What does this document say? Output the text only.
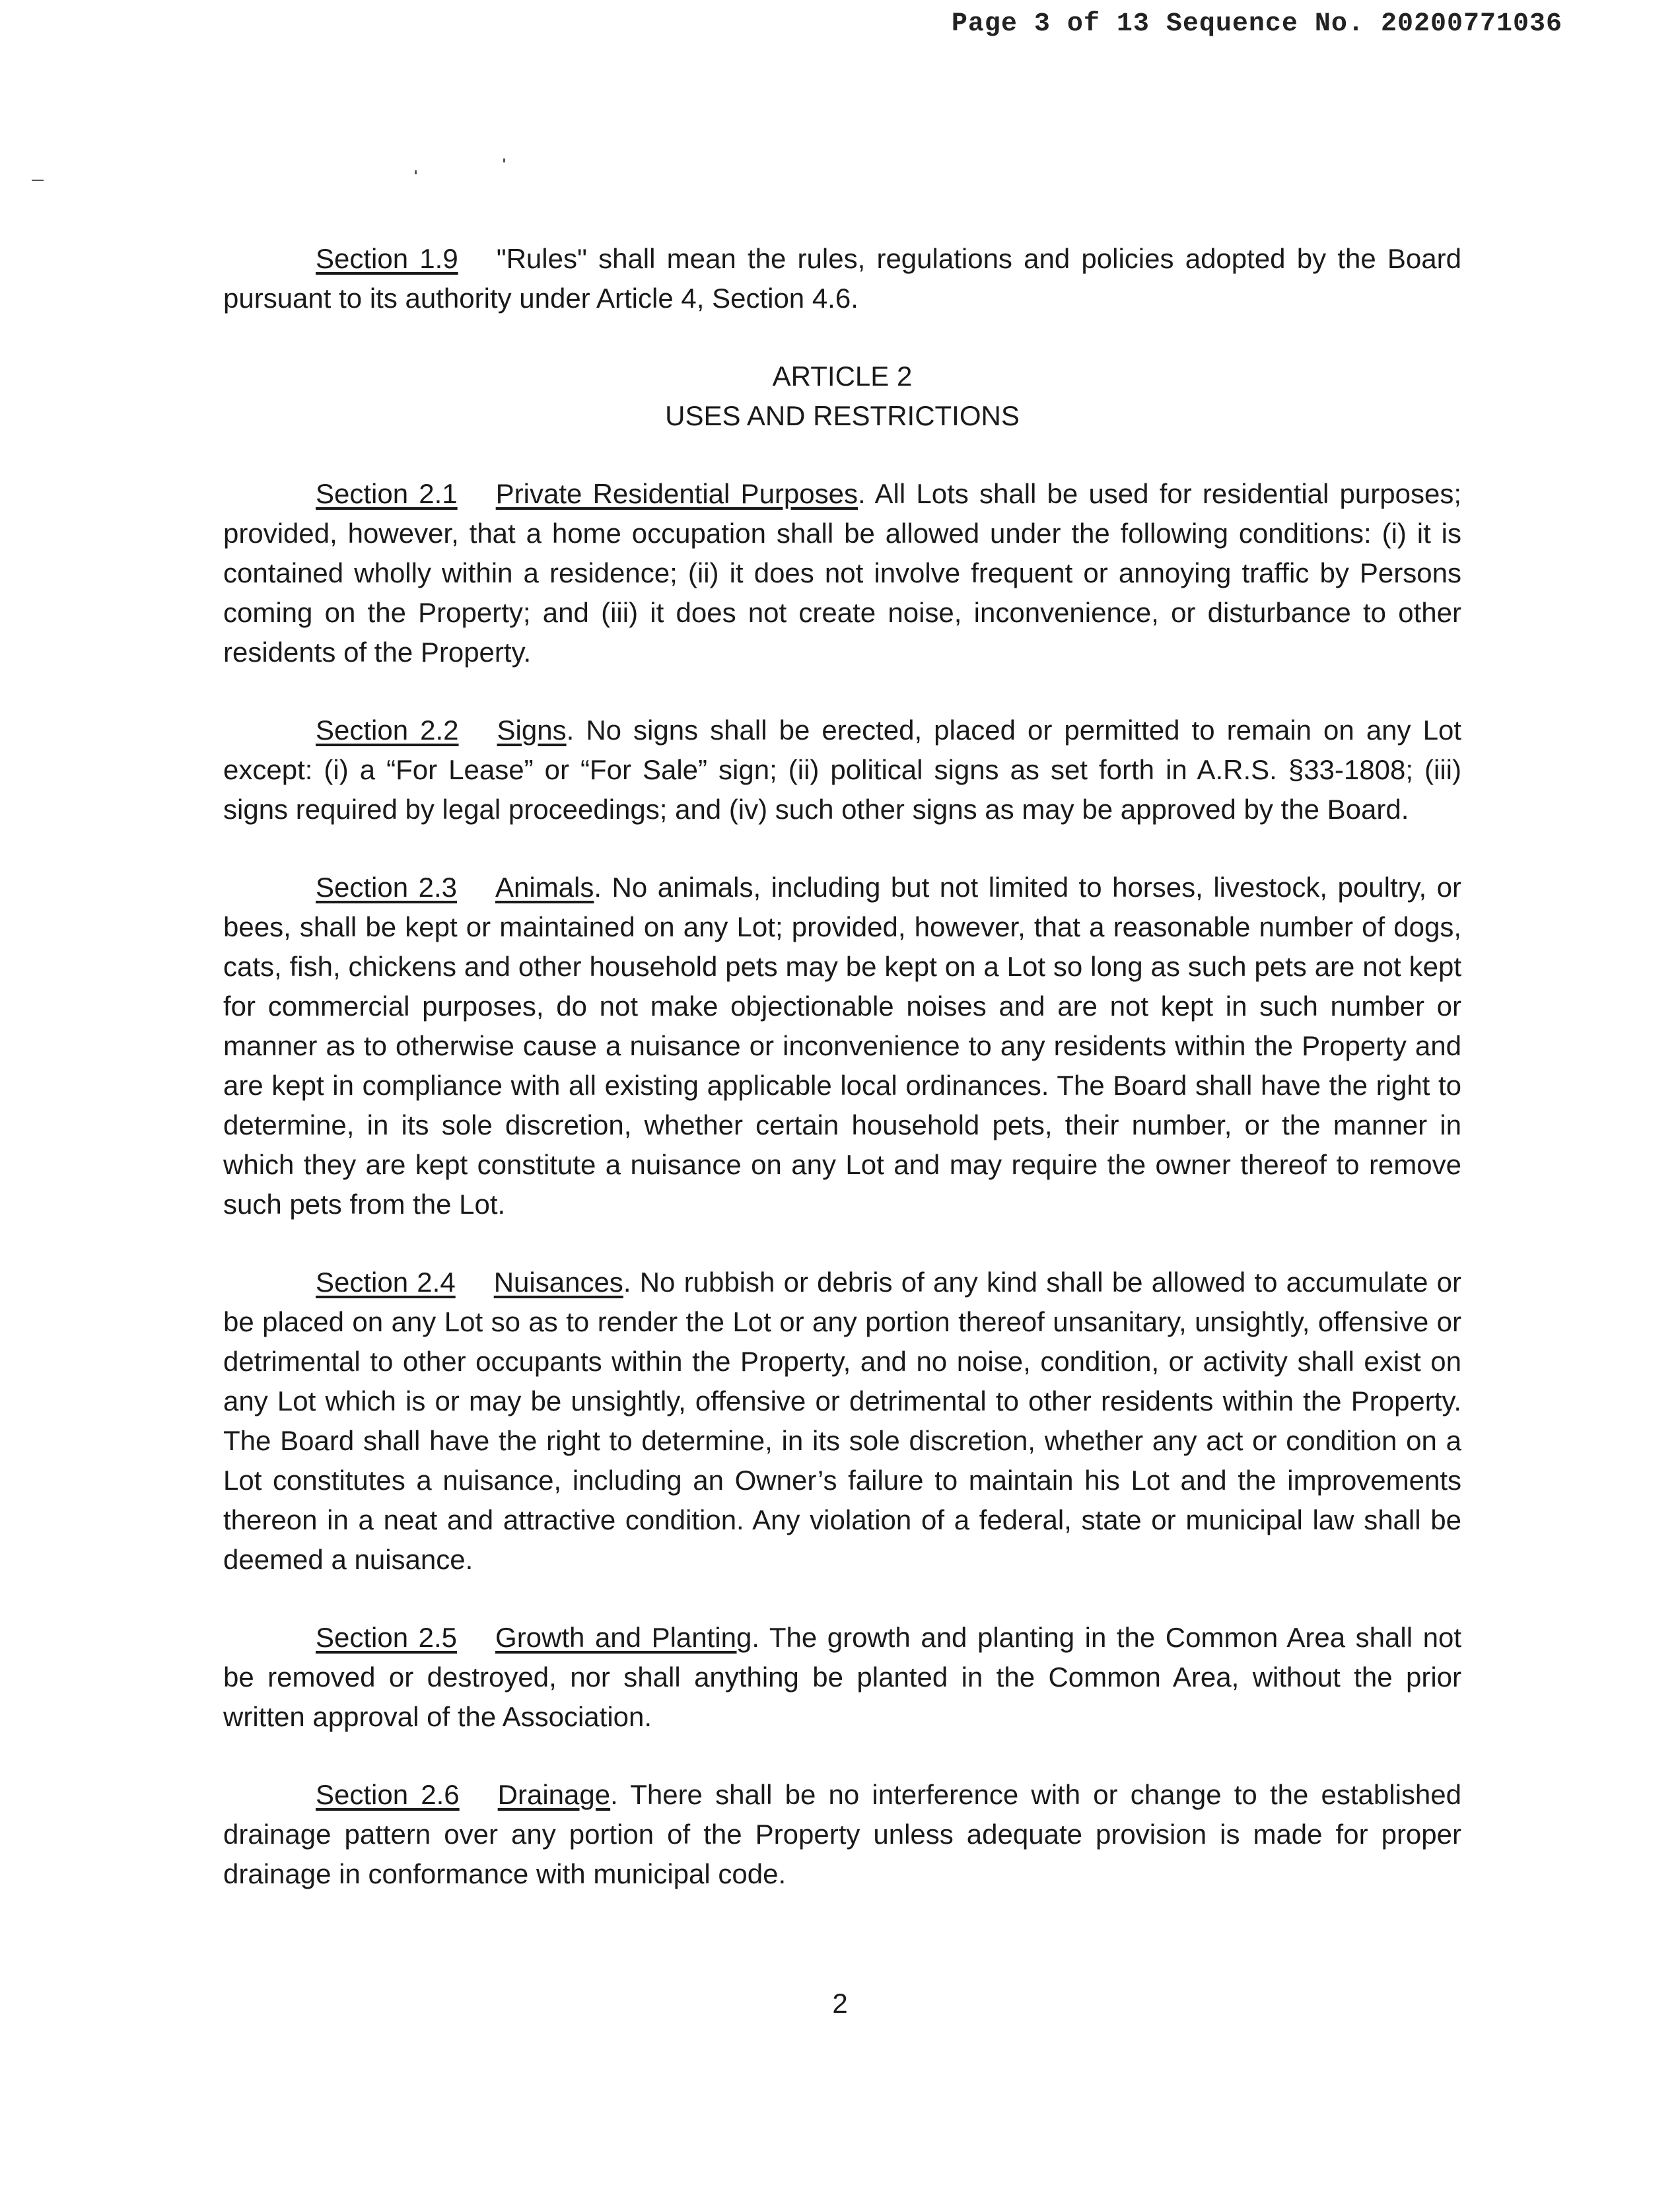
Page 3 of 13 Sequence No. 20200771036

Section 1.9 "Rules" shall mean the rules, regulations and policies adopted by the Board pursuant to its authority under Article 4, Section 4.6.

ARTICLE 2
USES AND RESTRICTIONS

Section 2.1 Private Residential Purposes. All Lots shall be used for residential purposes; provided, however, that a home occupation shall be allowed under the following conditions: (i) it is contained wholly within a residence; (ii) it does not involve frequent or annoying traffic by Persons coming on the Property; and (iii) it does not create noise, inconvenience, or disturbance to other residents of the Property.

Section 2.2 Signs. No signs shall be erected, placed or permitted to remain on any Lot except: (i) a “For Lease” or “For Sale” sign; (ii) political signs as set forth in A.R.S. §33-1808; (iii) signs required by legal proceedings; and (iv) such other signs as may be approved by the Board.

Section 2.3 Animals. No animals, including but not limited to horses, livestock, poultry, or bees, shall be kept or maintained on any Lot; provided, however, that a reasonable number of dogs, cats, fish, chickens and other household pets may be kept on a Lot so long as such pets are not kept for commercial purposes, do not make objectionable noises and are not kept in such number or manner as to otherwise cause a nuisance or inconvenience to any residents within the Property and are kept in compliance with all existing applicable local ordinances. The Board shall have the right to determine, in its sole discretion, whether certain household pets, their number, or the manner in which they are kept constitute a nuisance on any Lot and may require the owner thereof to remove such pets from the Lot.

Section 2.4 Nuisances. No rubbish or debris of any kind shall be allowed to accumulate or be placed on any Lot so as to render the Lot or any portion thereof unsanitary, unsightly, offensive or detrimental to other occupants within the Property, and no noise, condition, or activity shall exist on any Lot which is or may be unsightly, offensive or detrimental to other residents within the Property. The Board shall have the right to determine, in its sole discretion, whether any act or condition on a Lot constitutes a nuisance, including an Owner’s failure to maintain his Lot and the improvements thereon in a neat and attractive condition. Any violation of a federal, state or municipal law shall be deemed a nuisance.

Section 2.5 Growth and Planting. The growth and planting in the Common Area shall not be removed or destroyed, nor shall anything be planted in the Common Area, without the prior written approval of the Association.

Section 2.6 Drainage. There shall be no interference with or change to the established drainage pattern over any portion of the Property unless adequate provision is made for proper drainage in conformance with municipal code.

2
